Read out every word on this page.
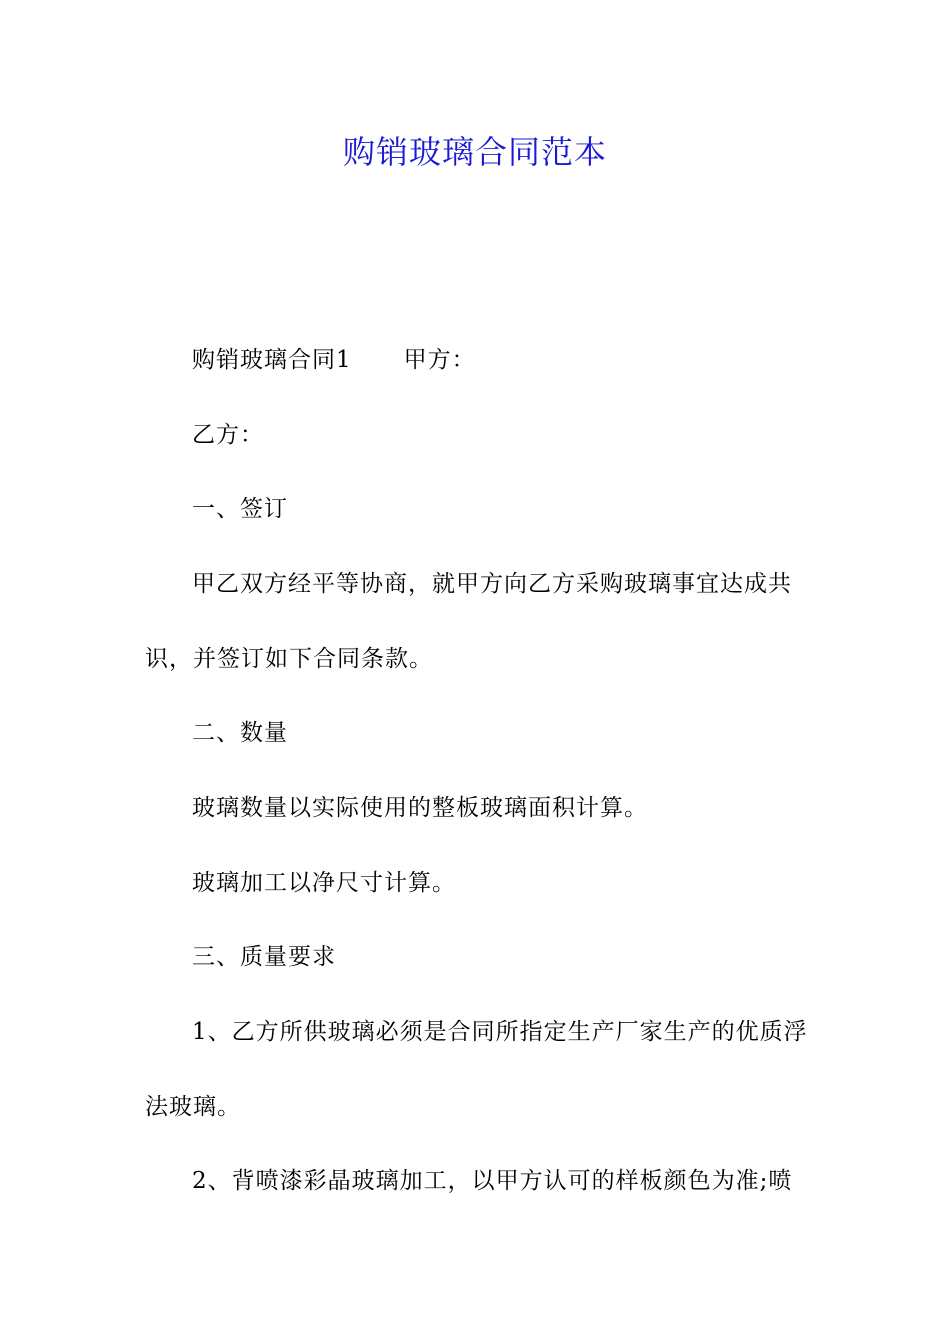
购销玻璃合同范本
购销玻璃合同1 甲方：
乙方：
一、签订
甲乙双方经平等协商，就甲方向乙方采购玻璃事宜达成共
识，并签订如下合同条款。
二、数量
玻璃数量以实际使用的整板玻璃面积计算。
玻璃加工以净尺寸计算。
三、质量要求
1、乙方所供玻璃必须是合同所指定生产厂家生产的优质浮
法玻璃。
2、背喷漆彩晶玻璃加工，以甲方认可的样板颜色为准;喷
